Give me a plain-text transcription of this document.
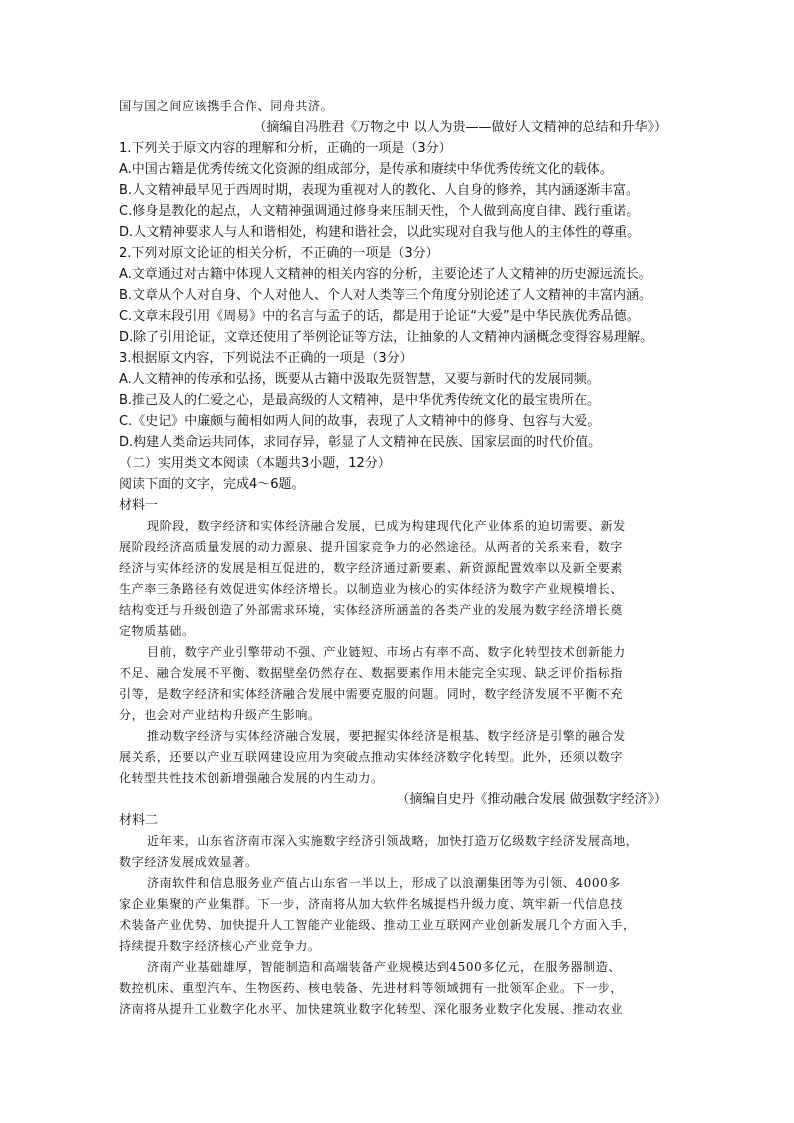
国与国之间应该携手合作、同舟共济。
（摘编自冯胜君《万物之中 以人为贵——做好人文精神的总结和升华》）
1.下列关于原文内容的理解和分析，正确的一项是（3分）
A.中国古籍是优秀传统文化资源的组成部分，是传承和赓续中华优秀传统文化的载体。
B.人文精神最早见于西周时期，表现为重视对人的教化、人自身的修养，其内涵逐渐丰富。
C.修身是教化的起点，人文精神强调通过修身来压制天性，个人做到高度自律、践行重诺。
D.人文精神要求人与人和谐相处，构建和谐社会，以此实现对自我与他人的主体性的尊重。
2.下列对原文论证的相关分析，不正确的一项是（3分）
A.文章通过对古籍中体现人文精神的相关内容的分析，主要论述了人文精神的历史源远流长。
B.文章从个人对自身、个人对他人、个人对人类等三个角度分别论述了人文精神的丰富内涵。
C.文章末段引用《周易》中的名言与孟子的话，都是用于论证“大爱”是中华民族优秀品德。
D.除了引用论证，文章还使用了举例论证等方法，让抽象的人文精神内涵概念变得容易理解。
3.根据原文内容，下列说法不正确的一项是（3分）
A.人文精神的传承和弘扬，既要从古籍中汲取先贤智慧，又要与新时代的发展同频。
B.推己及人的仁爱之心，是最高级的人文精神，是中华优秀传统文化的最宝贵所在。
C.《史记》中廉颇与蔺相如两人间的故事，表现了人文精神中的修身、包容与大爱。
D.构建人类命运共同体，求同存异，彰显了人文精神在民族、国家层面的时代价值。
（二）实用类文本阅读（本题共3小题，12分）
阅读下面的文字，完成4～6题。
材料一
现阶段，数字经济和实体经济融合发展，已成为构建现代化产业体系的迫切需要、新发
展阶段经济高质量发展的动力源泉、提升国家竞争力的必然途径。从两者的关系来看，数字
经济与实体经济的发展是相互促进的，数字经济通过新要素、新资源配置效率以及新全要素
生产率三条路径有效促进实体经济增长。以制造业为核心的实体经济为数字产业规模增长、
结构变迁与升级创造了外部需求环境，实体经济所涵盖的各类产业的发展为数字经济增长奠
定物质基础。
目前，数字产业引擎带动不强、产业链短、市场占有率不高、数字化转型技术创新能力
不足、融合发展不平衡、数据壁垒仍然存在、数据要素作用未能完全实现、缺乏评价指标指
引等，是数字经济和实体经济融合发展中需要克服的问题。同时，数字经济发展不平衡不充
分，也会对产业结构升级产生影响。
推动数字经济与实体经济融合发展，要把握实体经济是根基、数字经济是引擎的融合发
展关系，还要以产业互联网建设应用为突破点推动实体经济数字化转型。此外，还须以数字
化转型共性技术创新增强融合发展的内生动力。
（摘编自史丹《推动融合发展 做强数字经济》）
材料二
近年来，山东省济南市深入实施数字经济引领战略，加快打造万亿级数字经济发展高地，
数字经济发展成效显著。
济南软件和信息服务业产值占山东省一半以上，形成了以浪潮集团等为引领、4000多
家企业集聚的产业集群。下一步，济南将从加大软件名城提档升级力度、筑牢新一代信息技
术装备产业优势、加快提升人工智能产业能级、推动工业互联网产业创新发展几个方面入手，
持续提升数字经济核心产业竞争力。
济南产业基础雄厚，智能制造和高端装备产业规模达到4500多亿元，在服务器制造、
数控机床、重型汽车、生物医药、核电装备、先进材料等领域拥有一批领军企业。下一步，
济南将从提升工业数字化水平、加快建筑业数字化转型、深化服务业数字化发展、推动农业
